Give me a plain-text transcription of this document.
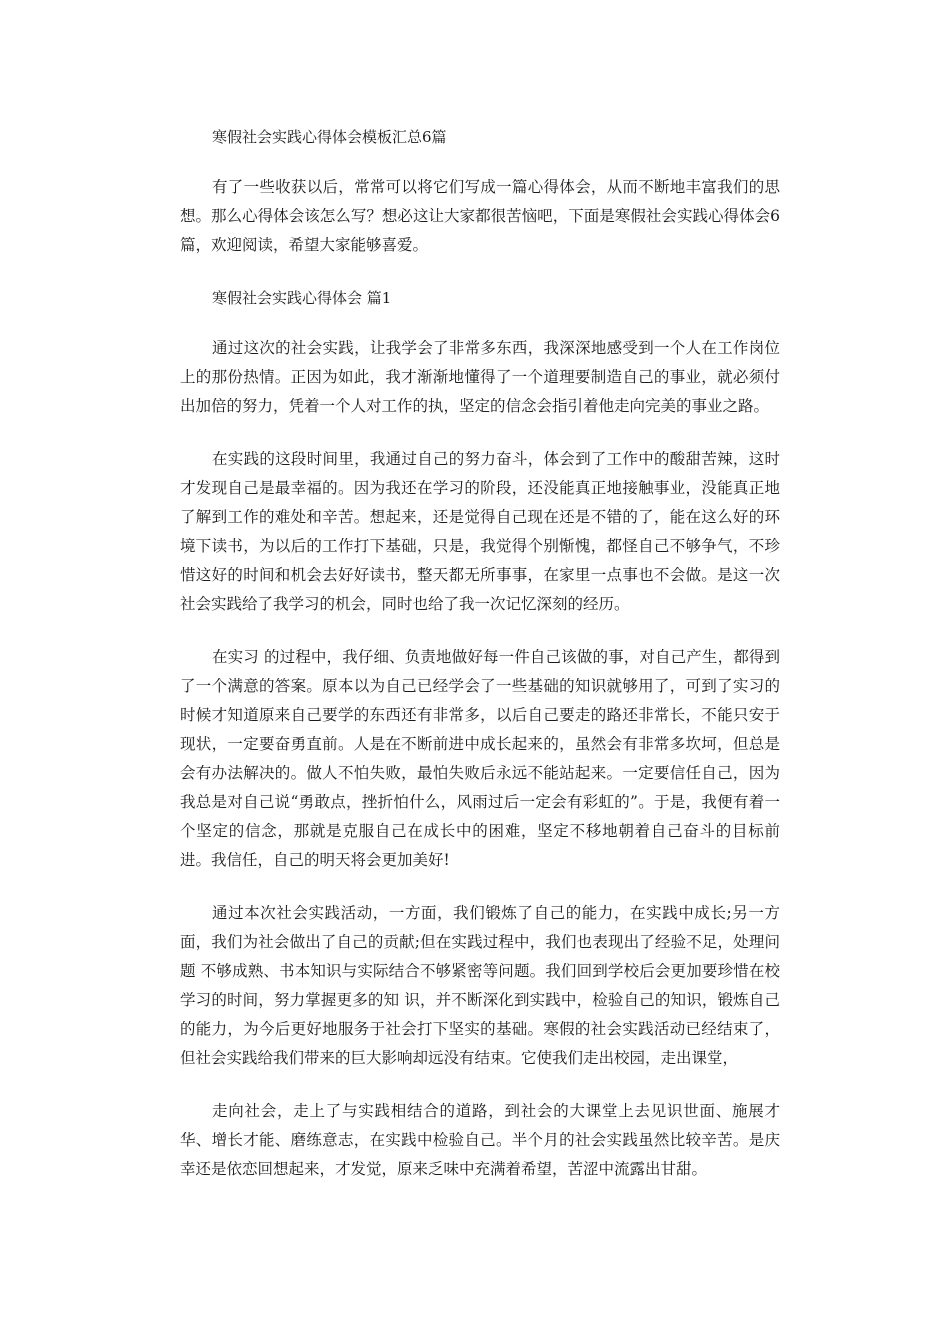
寒假社会实践心得体会模板汇总6篇

有了一些收获以后，常常可以将它们写成一篇心得体会，从而不断地丰富我们的思想。那么心得体会该怎么写？想必这让大家都很苦恼吧，下面是寒假社会实践心得体会6篇，欢迎阅读，希望大家能够喜爱。

寒假社会实践心得体会 篇1

通过这次的社会实践，让我学会了非常多东西，我深深地感受到一个人在工作岗位上的那份热情。正因为如此，我才渐渐地懂得了一个道理要制造自己的事业，就必须付出加倍的努力，凭着一个人对工作的执，坚定的信念会指引着他走向完美的事业之路。

在实践的这段时间里，我通过自己的努力奋斗，体会到了工作中的酸甜苦辣，这时才发现自己是最幸福的。因为我还在学习的阶段，还没能真正地接触事业，没能真正地了解到工作的难处和辛苦。想起来，还是觉得自己现在还是不错的了，能在这么好的环境下读书，为以后的工作打下基础，只是，我觉得个别惭愧，都怪自己不够争气，不珍惜这好的时间和机会去好好读书，整天都无所事事，在家里一点事也不会做。是这一次社会实践给了我学习的机会，同时也给了我一次记忆深刻的经历。

在实习 的过程中，我仔细、负责地做好每一件自己该做的事，对自己产生，都得到了一个满意的答案。原本以为自己已经学会了一些基础的知识就够用了，可到了实习的时候才知道原来自己要学的东西还有非常多，以后自己要走的路还非常长，不能只安于现状，一定要奋勇直前。人是在不断前进中成长起来的，虽然会有非常多坎坷，但总是会有办法解决的。做人不怕失败，最怕失败后永远不能站起来。一定要信任自己，因为我总是对自己说“勇敢点，挫折怕什么，风雨过后一定会有彩虹的”。于是，我便有着一个坚定的信念，那就是克服自己在成长中的困难，坚定不移地朝着自己奋斗的目标前进。我信任，自己的明天将会更加美好!

通过本次社会实践活动，一方面，我们锻炼了自己的能力，在实践中成长;另一方面，我们为社会做出了自己的贡献;但在实践过程中，我们也表现出了经验不足，处理问题 不够成熟、书本知识与实际结合不够紧密等问题。我们回到学校后会更加要珍惜在校学习的时间，努力掌握更多的知 识，并不断深化到实践中，检验自己的知识，锻炼自己的能力，为今后更好地服务于社会打下坚实的基础。寒假的社会实践活动已经结束了，但社会实践给我们带来的巨大影响却远没有结束。它使我们走出校园，走出课堂，

走向社会，走上了与实践相结合的道路，到社会的大课堂上去见识世面、施展才华、增长才能、磨练意志，在实践中检验自己。半个月的社会实践虽然比较辛苦。是庆幸还是依恋回想起来，才发觉，原来乏味中充满着希望，苦涩中流露出甘甜。
